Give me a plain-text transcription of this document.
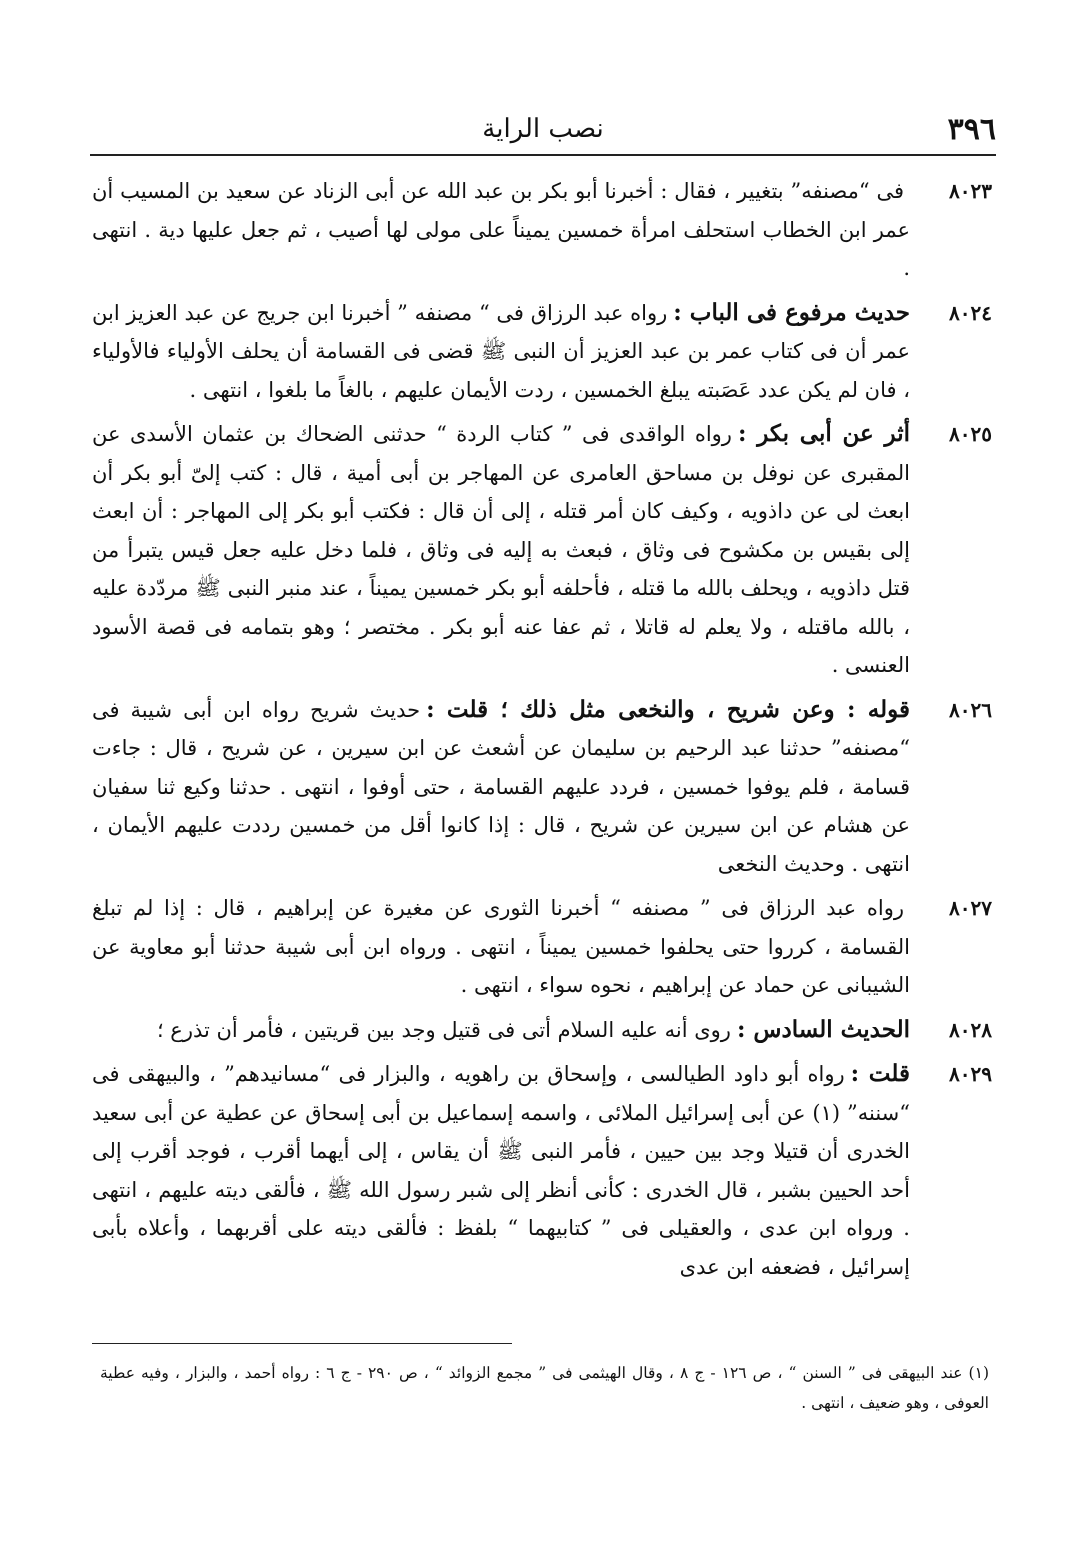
٣٩٦
نصب الراية
٨٠٢٣
فى “مصنفه” بتغيير ، فقال : أخبرنا أبو بكر بن عبد الله عن أبى الزناد عن سعيد بن المسيب أن عمر ابن الخطاب استحلف امرأة خمسين يميناً على مولى لها أصيب ، ثم جعل عليها دية . انتهى .
٨٠٢٤
حديث مرفوع فى الباب :رواه عبد الرزاق فى “ مصنفه ” أخبرنا ابن جريج عن عبد العزيز ابن عمر أن فى كتاب عمر بن عبد العزيز أن النبى ﷺ قضى فى القسامة أن يحلف الأولياء فالأولياء ، فان لم يكن عدد عَصَبته يبلغ الخمسين ، ردت الأيمان عليهم ، بالغاً ما بلغوا ، انتهى .
٨٠٢٥
أثر عن أبى بكر :رواه الواقدى فى ” كتاب الردة “ حدثنى الضحاك بن عثمان الأسدى عن المقبرى عن نوفل بن مساحق العامرى عن المهاجر بن أبى أمية ، قال : كتب إلىّ أبو بكر أن ابعث لى عن داذويه ، وكيف كان أمر قتله ، إلى أن قال : فكتب أبو بكر إلى المهاجر : أن ابعث إلى بقيس بن مكشوح فى وثاق ، فبعث به إليه فى وثاق ، فلما دخل عليه جعل قيس يتبرأ من قتل داذويه ، ويحلف بالله ما قتله ، فأحلفه أبو بكر خمسين يميناً ، عند منبر النبى ﷺ مردّدة عليه ، بالله ماقتله ، ولا يعلم له قاتلا ، ثم عفا عنه أبو بكر . مختصر ؛ وهو بتمامه فى قصة الأسود العنسى .
٨٠٢٦
قوله : وعن شريح ، والنخعى مثل ذلك ؛ قلت :حديث شريح رواه ابن أبى شيبة فى “مصنفه” حدثنا عبد الرحيم بن سليمان عن أشعث عن ابن سيرين ، عن شريح ، قال : جاءت قسامة ، فلم يوفوا خمسين ، فردد عليهم القسامة ، حتى أوفوا ، انتهى . حدثنا وكيع ثنا سفيان عن هشام عن ابن سيرين عن شريح ، قال : إذا كانوا أقل من خمسين رددت عليهم الأيمان ، انتهى . وحديث النخعى
٨٠٢٧
رواه عبد الرزاق فى ” مصنفه “ أخبرنا الثورى عن مغيرة عن إبراهيم ، قال : إذا لم تبلغ القسامة ، كرروا حتى يحلفوا خمسين يميناً ، انتهى . ورواه ابن أبى شيبة حدثنا أبو معاوية عن الشيبانى عن حماد عن إبراهيم ، نحوه سواء ، انتهى .
٨٠٢٨
الحديث السادس :روى أنه عليه السلام أتى فى قتيل وجد بين قريتين ، فأمر أن تذرع ؛
٨٠٢٩
قلت :رواه أبو داود الطيالسى ، وإسحاق بن راهويه ، والبزار فى “مسانيدهم” ، والبيهقى فى “سننه” (١) عن أبى إسرائيل الملائى ، واسمه إسماعيل بن أبى إسحاق عن عطية عن أبى سعيد الخدرى أن قتيلا وجد بين حيين ، فأمر النبى ﷺ أن يقاس ، إلى أيهما أقرب ، فوجد أقرب إلى أحد الحيين بشبر ، قال الخدرى : كأنى أنظر إلى شبر رسول الله ﷺ ، فألقى ديته عليهم ، انتهى . ورواه ابن عدى ، والعقيلى فى ” كتابيهما “ بلفظ : فألقى ديته على أقربهما ، وأعلاه بأبى إسرائيل ، فضعفه ابن عدى
(١)عند البيهقى فى ” السنن “ ، ص ١٢٦ - ج ٨ ، وقال الهيثمى فى ” مجمع الزوائد “ ، ص ٢٩٠ - ج ٦ : رواه أحمد ، والبزار ، وفيه عطية العوفى ، وهو ضعيف ، انتهى .
